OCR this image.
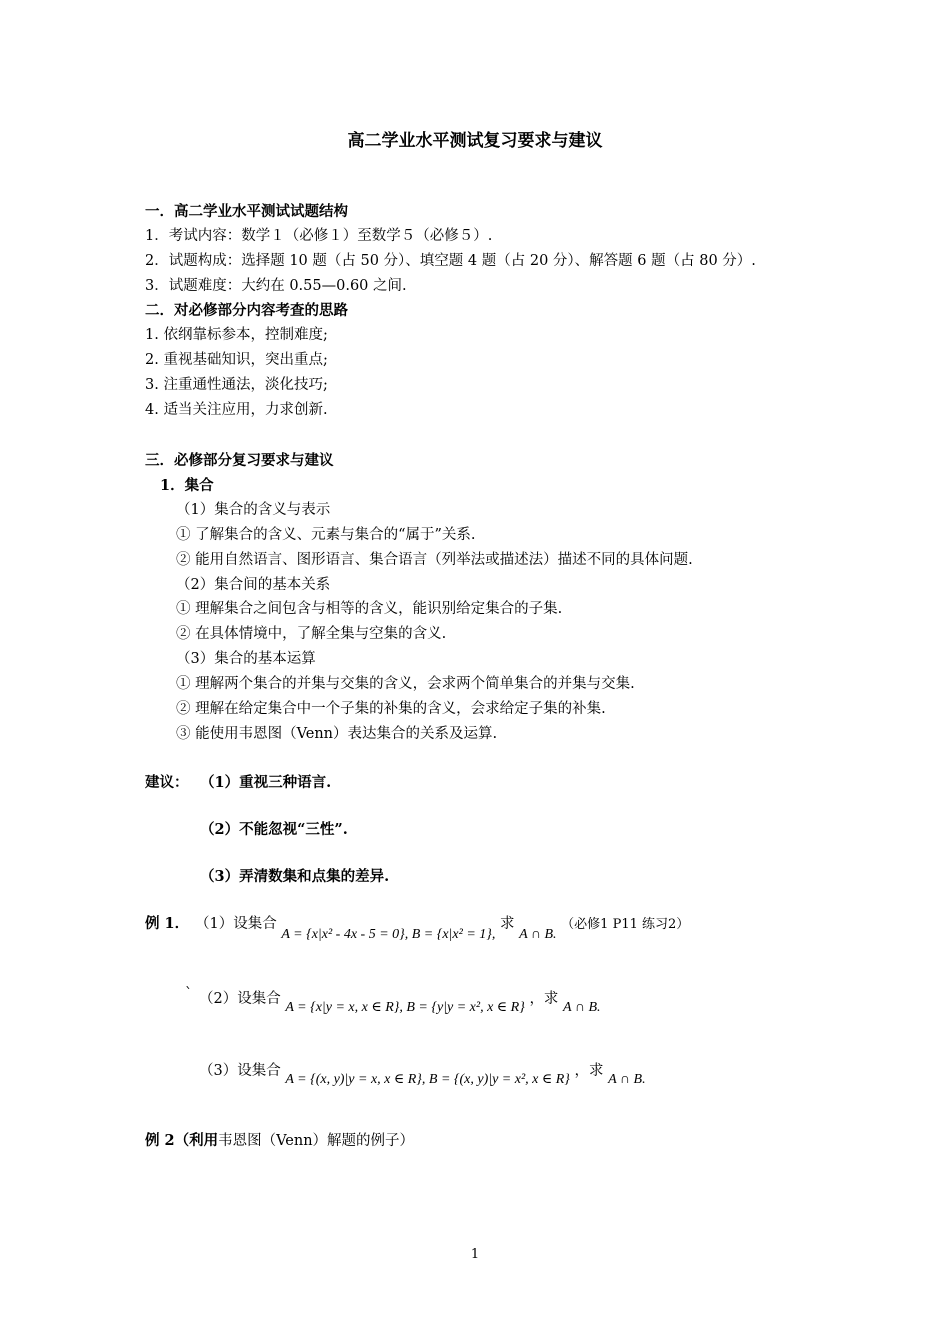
高二学业水平测试复习要求与建议
一．高二学业水平测试试题结构
1．考试内容：数学１（必修１）至数学５（必修５）.
2．试题构成：选择题 10 题（占 50 分）、填空题 4 题（占 20 分）、解答题 6 题（占 80 分）.
3．试题难度：大约在 0.55—0.60 之间.
二．对必修部分内容考查的思路
1. 依纲靠标参本，控制难度;
2. 重视基础知识，突出重点;
3. 注重通性通法，淡化技巧;
4. 适当关注应用，力求创新.
三．必修部分复习要求与建议
1．集合
（1）集合的含义与表示
① 了解集合的含义、元素与集合的“属于”关系.
② 能用自然语言、图形语言、集合语言（列举法或描述法）描述不同的具体问题.
（2）集合间的基本关系
① 理解集合之间包含与相等的含义，能识别给定集合的子集.
② 在具体情境中，了解全集与空集的含义.
（3）集合的基本运算
① 理解两个集合的并集与交集的含义，会求两个简单集合的并集与交集.
② 理解在给定集合中一个子集的补集的含义，会求给定子集的补集.
③ 能使用韦恩图（Venn）表达集合的关系及运算.
建议： （1）重视三种语言.
（2）不能忽视“三性”.
（3）弄清数集和点集的差异.
例 1． （1）设集合 A = {x|x² - 4x - 5 = 0}, B = {x|x² = 1}, 求 A ∩ B. （必修1 P11 练习2）
` （2）设集合 A = {x|y = x, x ∈ R}, B = {y|y = x², x ∈ R} ，求 A ∩ B.
（3）设集合 A = {(x, y)|y = x, x ∈ R}, B = {(x, y)|y = x², x ∈ R} ，求 A ∩ B.
例 2（利用韦恩图（Venn）解题的例子）
1
